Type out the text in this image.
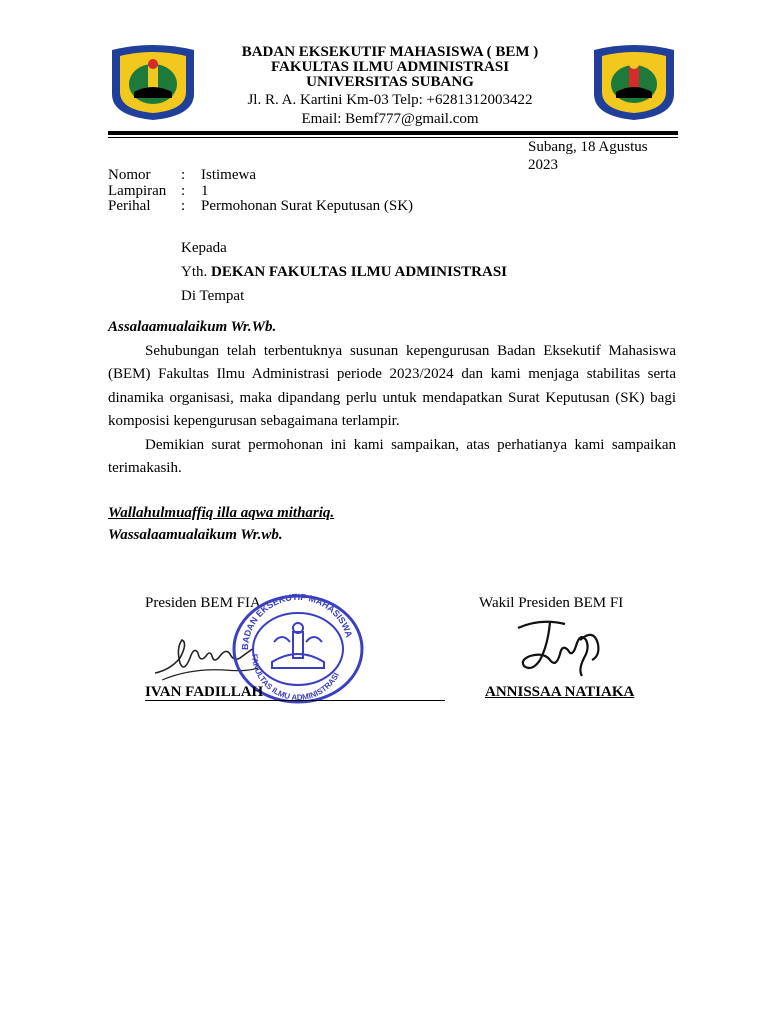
BADAN EKSEKUTIF MAHASISWA ( BEM )
FAKULTAS ILMU ADMINISTRASI
UNIVERSITAS SUBANG
Jl. R. A. Kartini Km-03 Telp: +6281312003422
Email: Bemf777@gmail.com
Subang, 18 Agustus
2023
Nomor	:	Istimewa
Lampiran :	1
Perihal	:	Permohonan Surat Keputusan (SK)
Kepada
Yth. DEKAN FAKULTAS ILMU ADMINISTRASI
Di Tempat

Assalaamualaikum Wr.Wb.

Sehubungan telah terbentuknya susunan kepengurusan Badan Eksekutif Mahasiswa (BEM) Fakultas Ilmu Administrasi periode 2023/2024 dan kami menjaga stabilitas serta dinamika organisasi, maka dipandang perlu untuk mendapatkan Surat Keputusan (SK) bagi komposisi kepengurusan sebagaimana terlampir.

Demikian surat permohonan ini kami sampaikan, atas perhatianya kami sampaikan terimakasih.

Wallahulmuaffiq illa aqwa mithariq.
Wassalaamualaikum Wr.wb.
Presiden BEM FIA	Wakil Presiden BEM FI
BADAN EKSEKUTIF MAHASISWA
FAKULTAS ILMU ADMINISTRASI
IVAN FADILLAH	ANNISSAA NATIAKA
